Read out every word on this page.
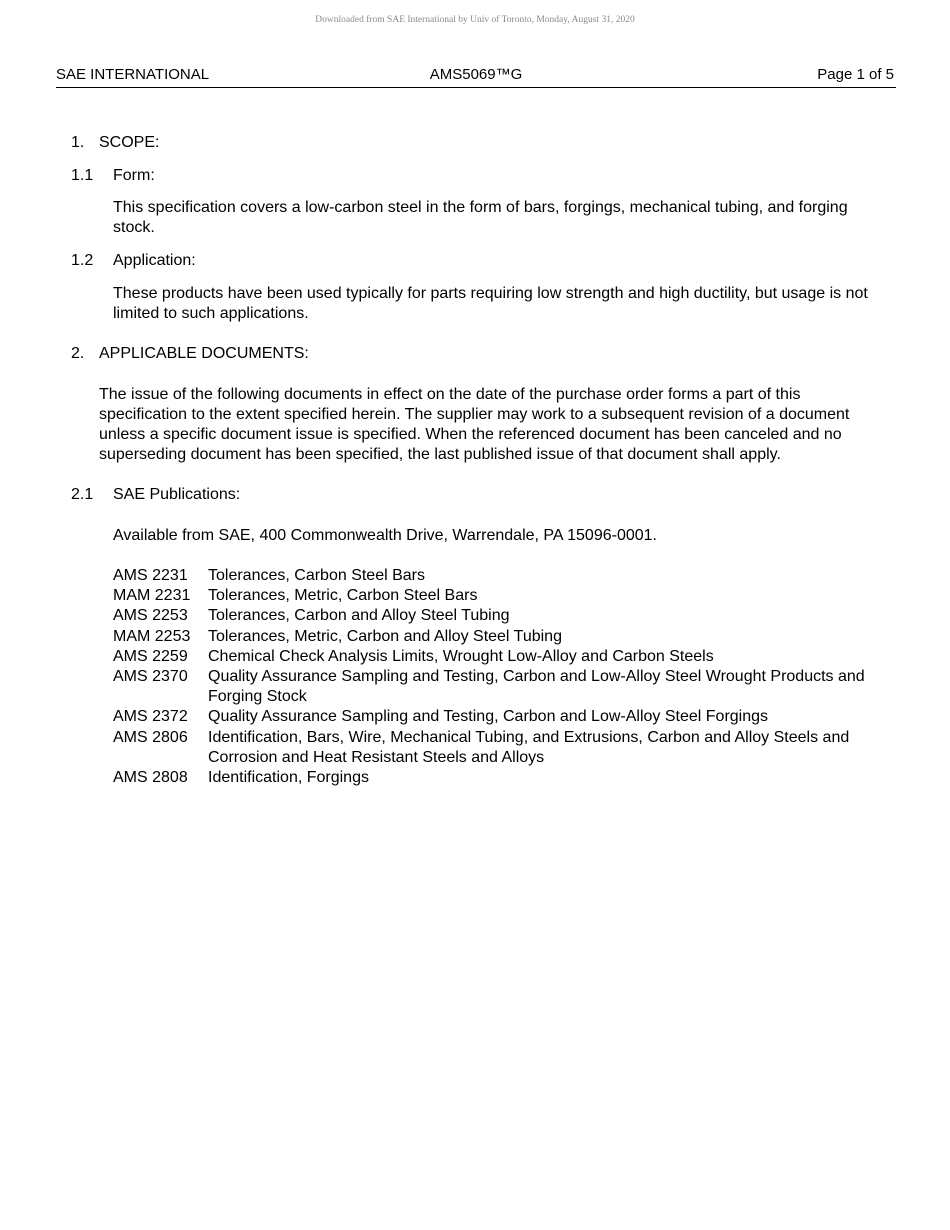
Downloaded from SAE International by Univ of Toronto, Monday, August 31, 2020
SAE INTERNATIONAL	AMS5069™G	Page 1 of 5
1. SCOPE:
1.1 Form:
This specification covers a low-carbon steel in the form of bars, forgings, mechanical tubing, and forging stock.
1.2 Application:
These products have been used typically for parts requiring low strength and high ductility, but usage is not limited to such applications.
2. APPLICABLE DOCUMENTS:
The issue of the following documents in effect on the date of the purchase order forms a part of this specification to the extent specified herein. The supplier may work to a subsequent revision of a document unless a specific document issue is specified. When the referenced document has been canceled and no superseding document has been specified, the last published issue of that document shall apply.
2.1 SAE Publications:
Available from SAE, 400 Commonwealth Drive, Warrendale, PA 15096-0001.
AMS 2231	Tolerances, Carbon Steel Bars
MAM 2231	Tolerances, Metric, Carbon Steel Bars
AMS 2253	Tolerances, Carbon and Alloy Steel Tubing
MAM 2253	Tolerances, Metric, Carbon and Alloy Steel Tubing
AMS 2259	Chemical Check Analysis Limits, Wrought Low-Alloy and Carbon Steels
AMS 2370	Quality Assurance Sampling and Testing, Carbon and Low-Alloy Steel Wrought Products and Forging Stock
AMS 2372	Quality Assurance Sampling and Testing, Carbon and Low-Alloy Steel Forgings
AMS 2806	Identification, Bars, Wire, Mechanical Tubing, and Extrusions, Carbon and Alloy Steels and Corrosion and Heat Resistant Steels and Alloys
AMS 2808	Identification, Forgings
